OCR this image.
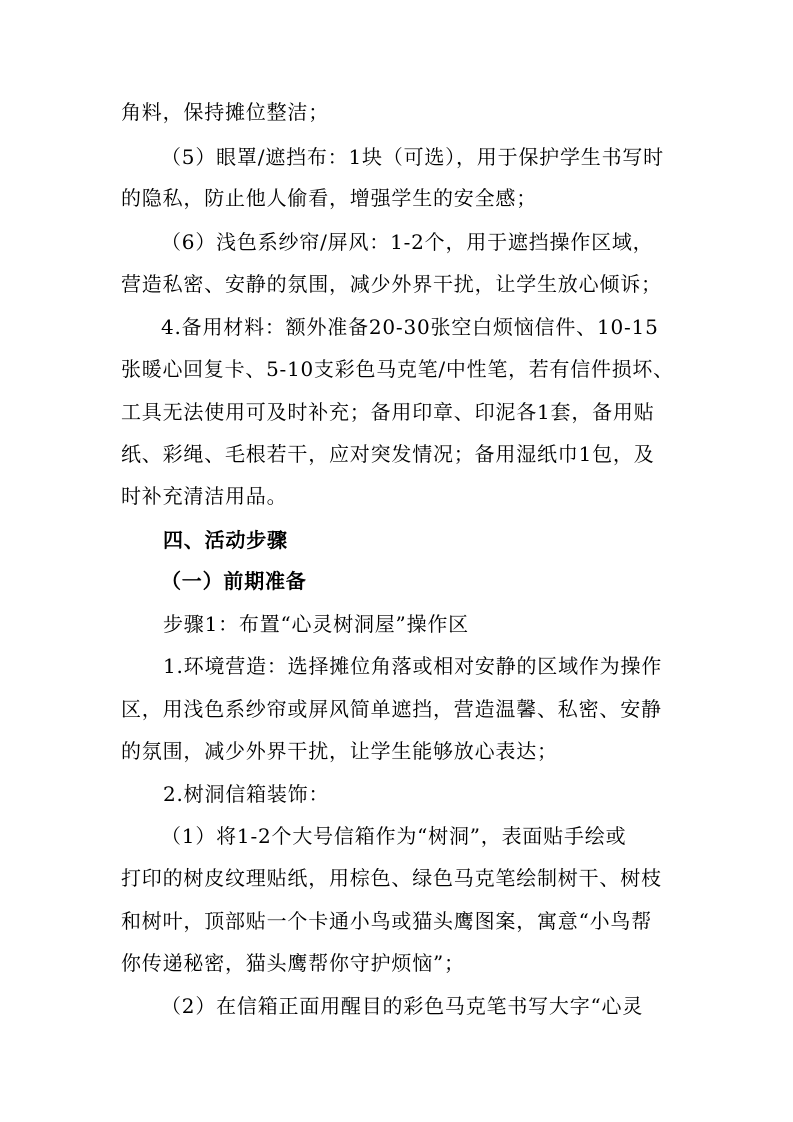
角料，保持摊位整洁；
（5）眼罩/遮挡布：1块（可选），用于保护学生书写时
的隐私，防止他人偷看，增强学生的安全感；
（6）浅色系纱帘/屏风：1-2个，用于遮挡操作区域，
营造私密、安静的氛围，减少外界干扰，让学生放心倾诉；
4.备用材料：额外准备20-30张空白烦恼信件、10-15
张暖心回复卡、5-10支彩色马克笔/中性笔，若有信件损坏、
工具无法使用可及时补充；备用印章、印泥各1套，备用贴
纸、彩绳、毛根若干，应对突发情况；备用湿纸巾1包，及
时补充清洁用品。
四、活动步骤
（一）前期准备
步骤1：布置“心灵树洞屋”操作区
1.环境营造：选择摊位角落或相对安静的区域作为操作
区，用浅色系纱帘或屏风简单遮挡，营造温馨、私密、安静
的氛围，减少外界干扰，让学生能够放心表达；
2.树洞信箱装饰：
（1）将1-2个大号信箱作为“树洞”，表面贴手绘或
打印的树皮纹理贴纸，用棕色、绿色马克笔绘制树干、树枝
和树叶，顶部贴一个卡通小鸟或猫头鹰图案，寓意“小鸟帮
你传递秘密，猫头鹰帮你守护烦恼”；
（2）在信箱正面用醒目的彩色马克笔书写大字“心灵
